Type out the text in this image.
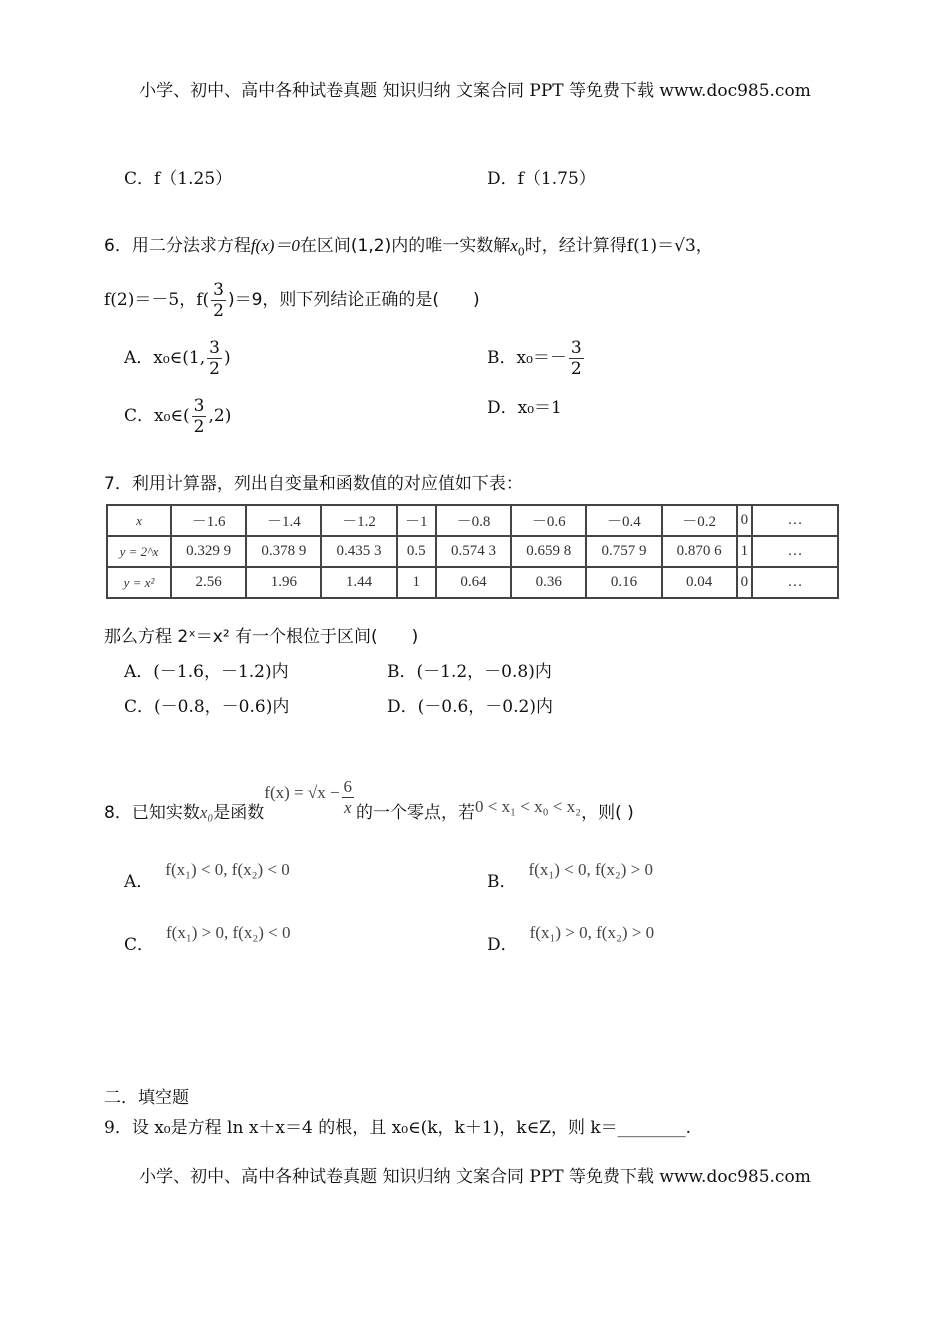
小学、初中、高中各种试卷真题 知识归纳 文案合同 PPT 等免费下载 www.doc985.com
C．f（1.25）	D．f（1.75）
6．用二分法求方程f(x)＝0在区间(1,2)内的唯一实数解$x_0$时，经计算得f(1)＝√3，
f(2)＝－5，$f( \frac{3}{2} )=9$，则下列结论正确的是(　　)
A．x₀∈(1, $\frac{3}{2}$ )	B．$x_0=- \frac{3}{2}$
C．x₀∈( $\frac{3}{2} ,2$)	D．x₀＝1
7．利用计算器，列出自变量和函数值的对应值如下表：
x	－1.6	－1.4	－1.2	－1	－0.8	－0.6	－0.4	－0.2	0	…
y = 2^x	0.329 9	0.378 9	0.435 3	0.5	0.574 3	0.659 8	0.757 9	0.870 6	1	…
y = x²	2.56	1.96	1.44	1	0.64	0.36	0.16	0.04	0	…
那么方程 2ˣ＝x² 有一个根位于区间(　　)
A．(－1.6，－1.2)内	B．(－1.2，－0.8)内
C．(－0.8，－0.6)内	D．(－0.6，－0.2)内
8．已知实数x₀是函数$f(x) = √x - \frac{6}{x}$ 的一个零点，若0 < x₁ < x₀ < x₂，则( )
A．f(x₁) < 0, f(x₂) < 0
B．f(x₁) < 0, f(x₂) > 0
C．f(x₁) > 0, f(x₂) < 0
D．f(x₁) > 0, f(x₂) > 0
二．填空题
9．设 x₀是方程 ln x＋x＝4 的根，且 x₀∈(k，k＋1)，k∈Z，则 k＝________.
小学、初中、高中各种试卷真题 知识归纳 文案合同 PPT 等免费下载 www.doc985.com
